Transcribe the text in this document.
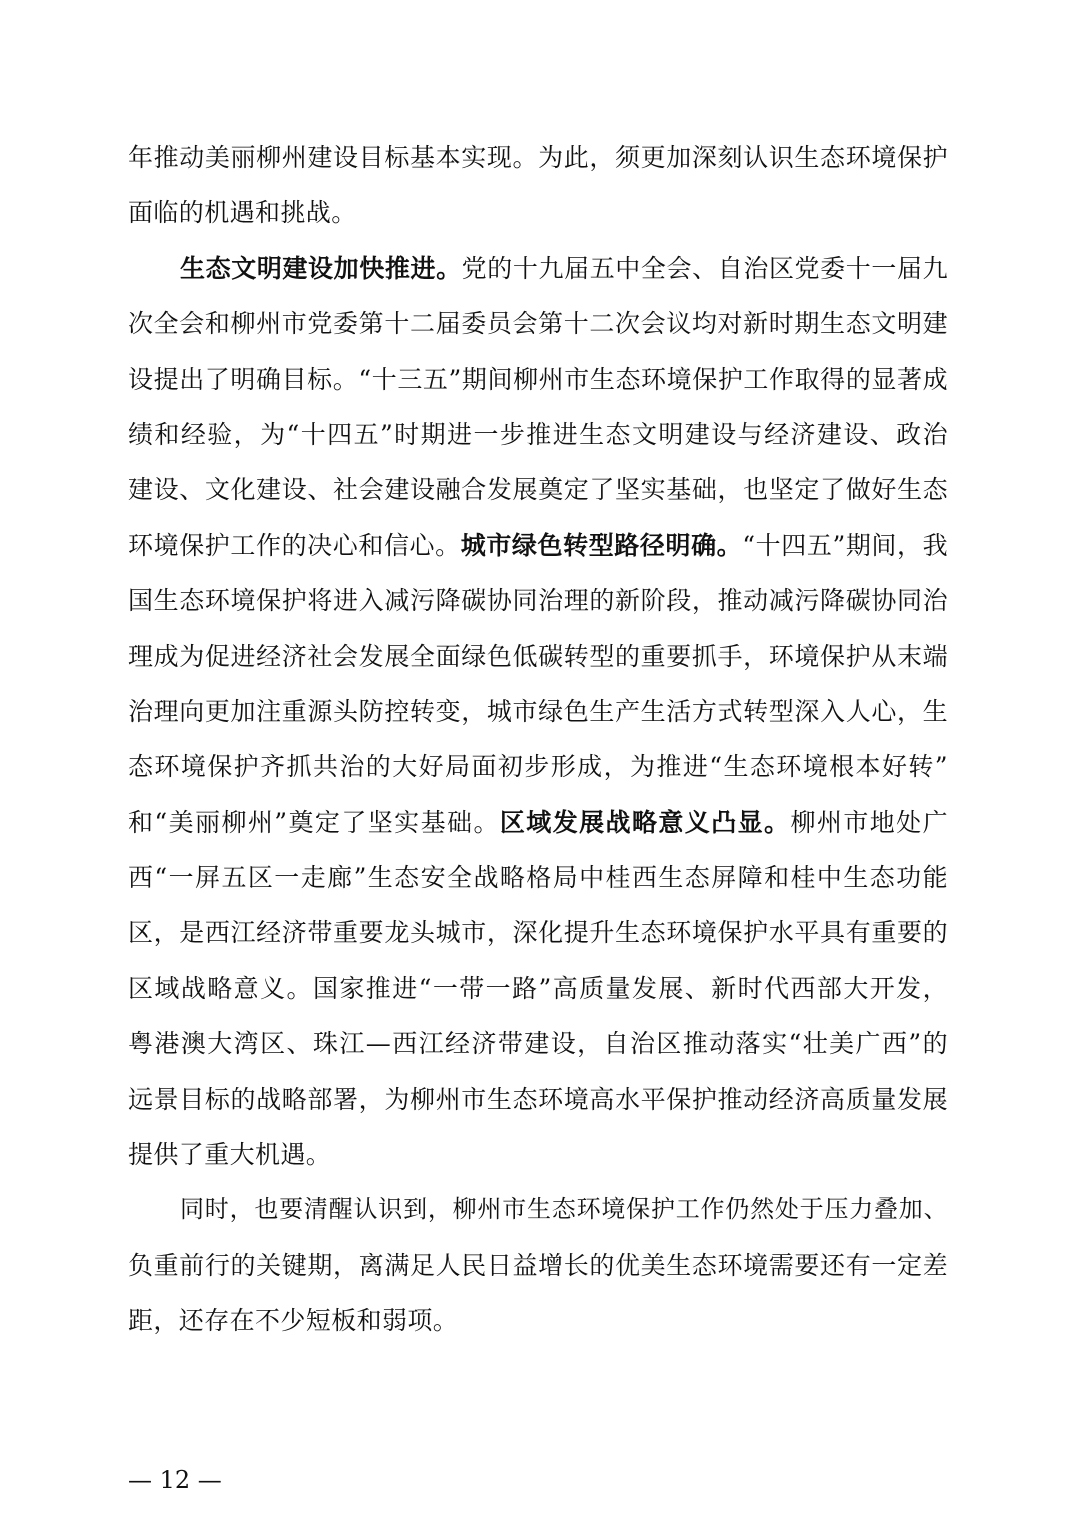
年推动美丽柳州建设目标基本实现。为此，须更加深刻认识生态环境保护
面临的机遇和挑战。
生态文明建设加快推进。党的十九届五中全会、自治区党委十一届九
次全会和柳州市党委第十二届委员会第十二次会议均对新时期生态文明建
设提出了明确目标。“十三五”期间柳州市生态环境保护工作取得的显著成
绩和经验，为“十四五”时期进一步推进生态文明建设与经济建设、政治
建设、文化建设、社会建设融合发展奠定了坚实基础，也坚定了做好生态
环境保护工作的决心和信心。城市绿色转型路径明确。“十四五”期间，我
国生态环境保护将进入减污降碳协同治理的新阶段，推动减污降碳协同治
理成为促进经济社会发展全面绿色低碳转型的重要抓手，环境保护从末端
治理向更加注重源头防控转变，城市绿色生产生活方式转型深入人心，生
态环境保护齐抓共治的大好局面初步形成，为推进“生态环境根本好转”
和“美丽柳州”奠定了坚实基础。区域发展战略意义凸显。柳州市地处广
西“一屏五区一走廊”生态安全战略格局中桂西生态屏障和桂中生态功能
区，是西江经济带重要龙头城市，深化提升生态环境保护水平具有重要的
区域战略意义。国家推进“一带一路”高质量发展、新时代西部大开发，
粤港澳大湾区、珠江—西江经济带建设，自治区推动落实“壮美广西”的
远景目标的战略部署，为柳州市生态环境高水平保护推动经济高质量发展
提供了重大机遇。
同时，也要清醒认识到，柳州市生态环境保护工作仍然处于压力叠加、
负重前行的关键期，离满足人民日益增长的优美生态环境需要还有一定差
距，还存在不少短板和弱项。
— 12 —
